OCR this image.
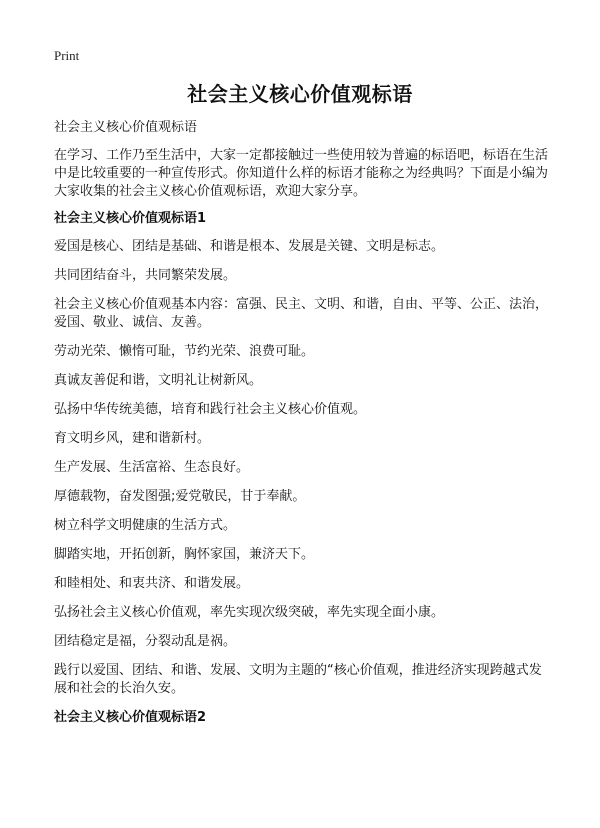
Print
社会主义核心价值观标语

社会主义核心价值观标语

在学习、工作乃至生活中，大家一定都接触过一些使用较为普遍的标语吧，标语在生活中是比较重要的一种宣传形式。你知道什么样的标语才能称之为经典吗？下面是小编为大家收集的社会主义核心价值观标语，欢迎大家分享。

社会主义核心价值观标语1

爱国是核心、团结是基础、和谐是根本、发展是关键、文明是标志。

共同团结奋斗，共同繁荣发展。

社会主义核心价值观基本内容：富强、民主、文明、和谐，自由、平等、公正、法治，爱国、敬业、诚信、友善。

劳动光荣、懒惰可耻，节约光荣、浪费可耻。

真诚友善促和谐，文明礼让树新风。

弘扬中华传统美德，培育和践行社会主义核心价值观。

育文明乡风，建和谐新村。

生产发展、生活富裕、生态良好。

厚德载物，奋发图强;爱党敬民，甘于奉献。

树立科学文明健康的生活方式。

脚踏实地，开拓创新，胸怀家国，兼济天下。

和睦相处、和衷共济、和谐发展。

弘扬社会主义核心价值观，率先实现次级突破，率先实现全面小康。

团结稳定是福，分裂动乱是祸。

践行以爱国、团结、和谐、发展、文明为主题的“核心价值观，推进经济实现跨越式发展和社会的长治久安。

社会主义核心价值观标语2
